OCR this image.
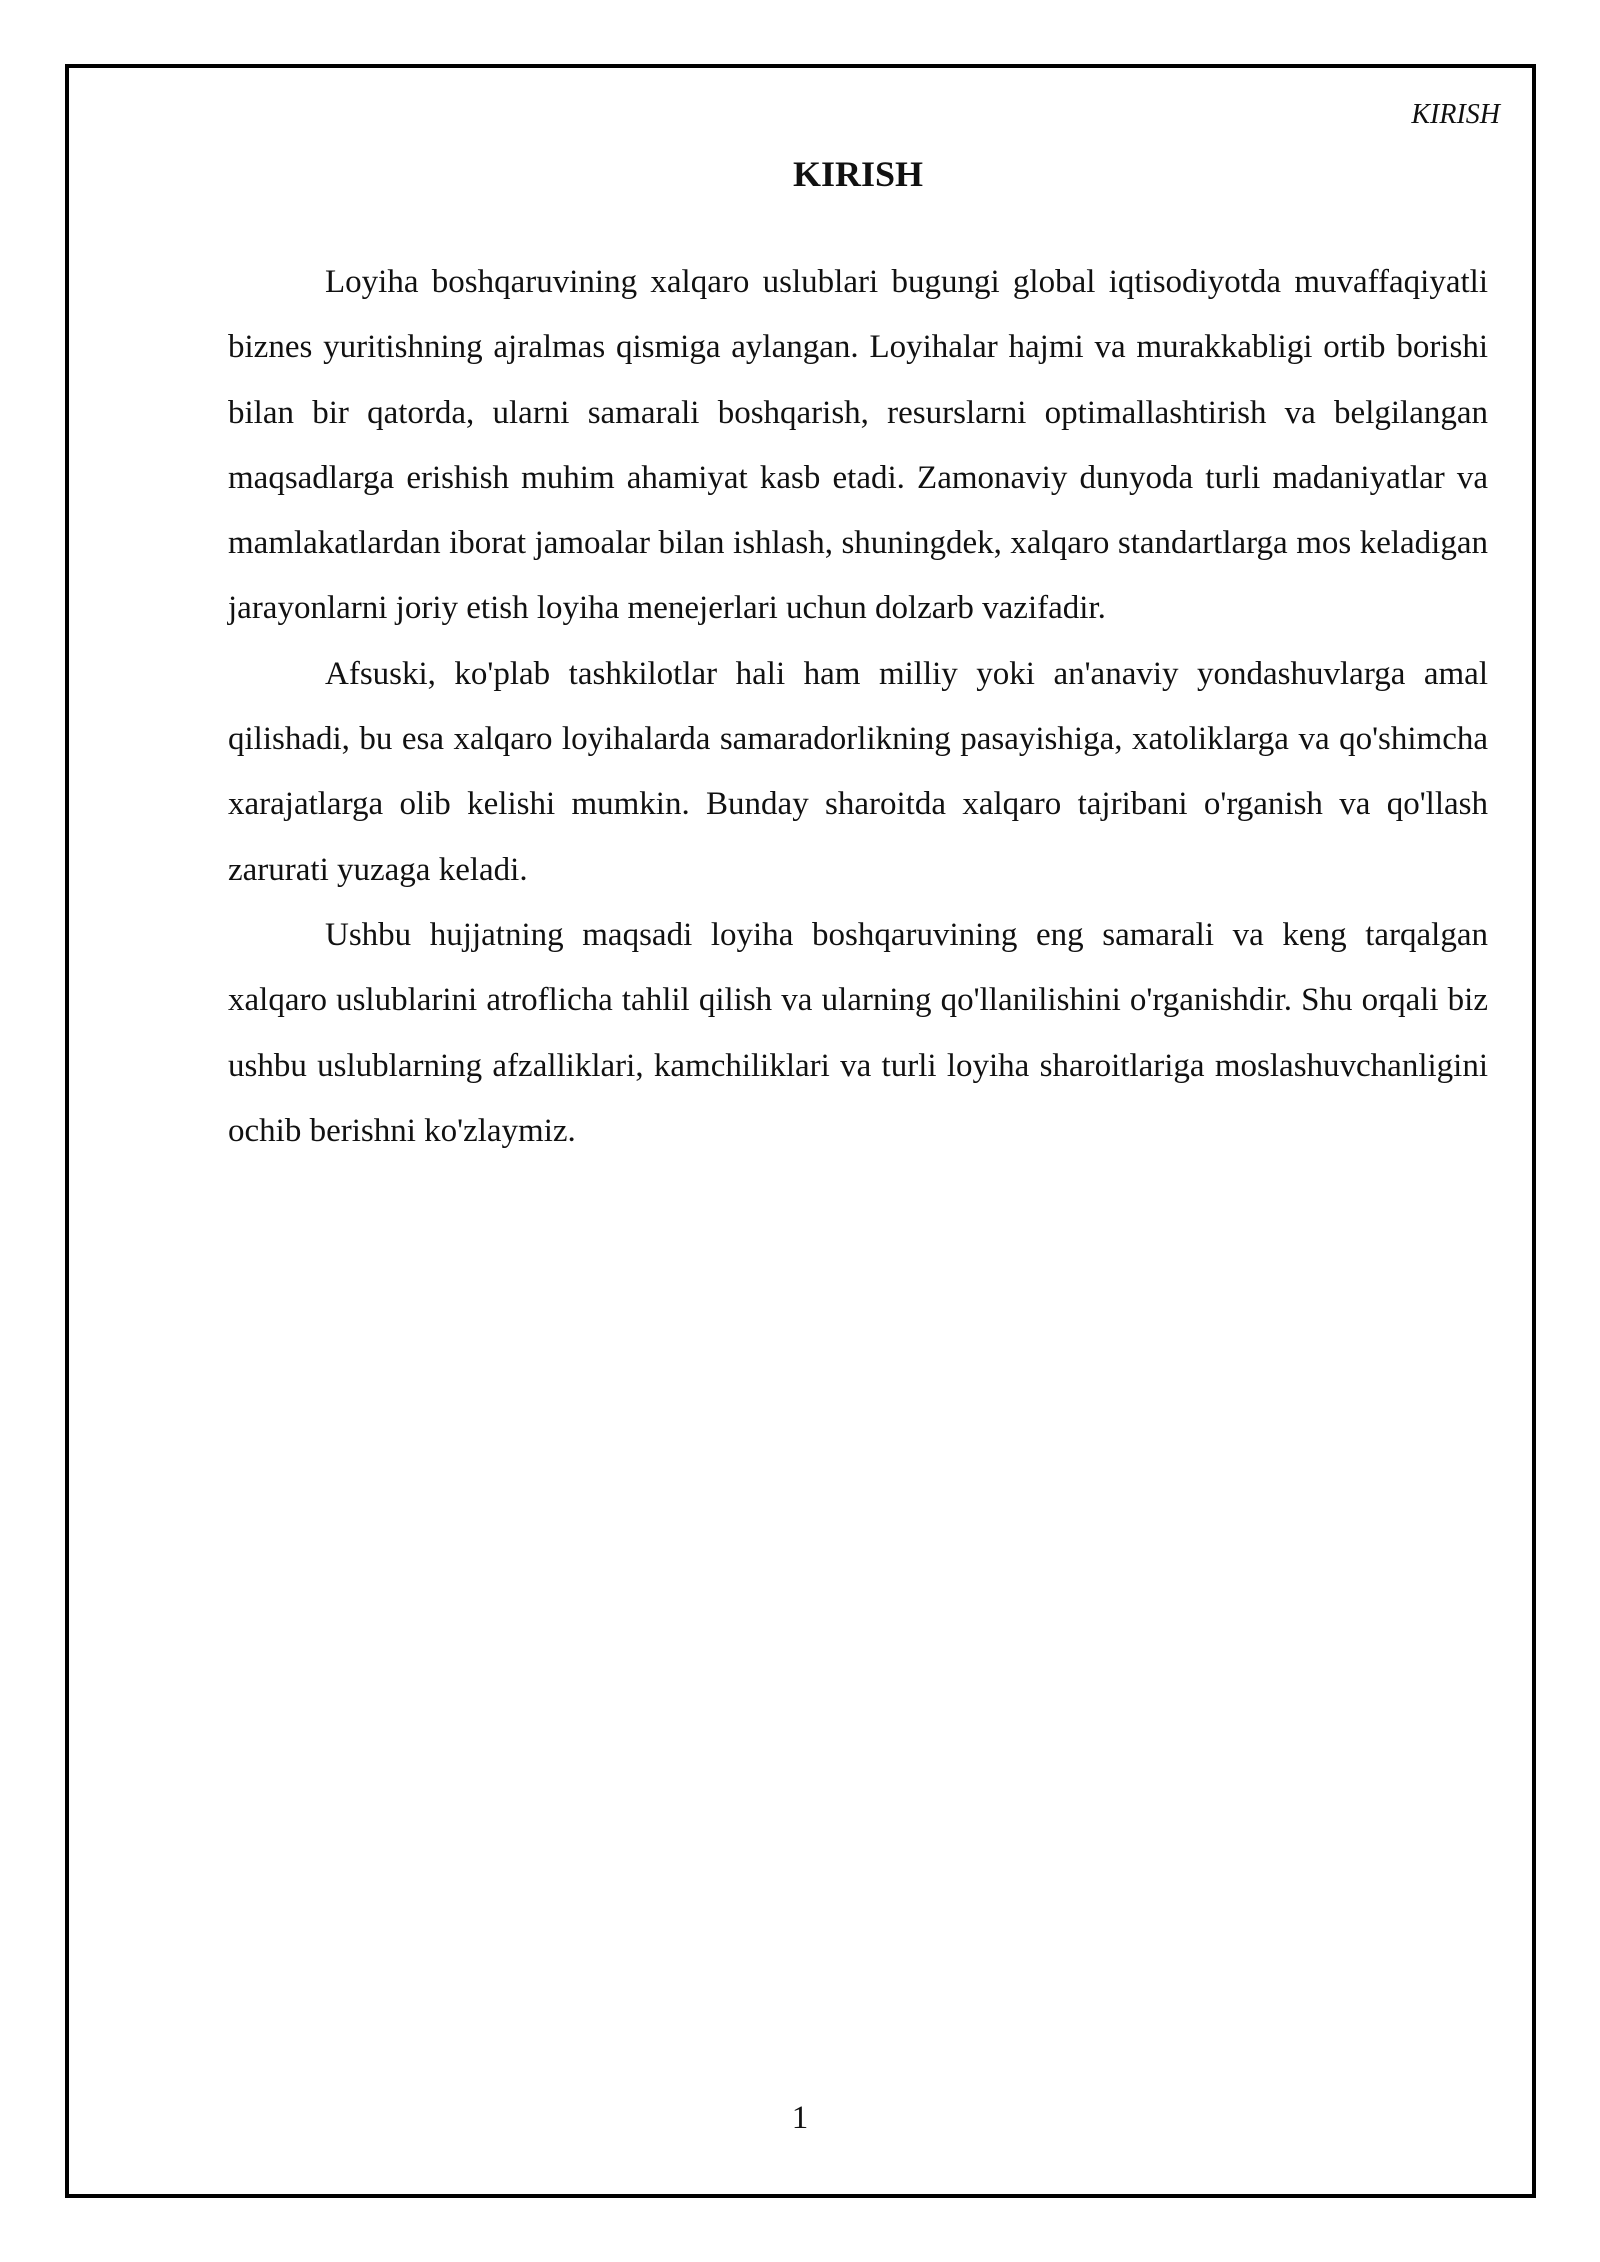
KIRISH
KIRISH

Loyiha boshqaruvining xalqaro uslublari bugungi global iqtisodiyotda muvaffaqiyatli biznes yuritishning ajralmas qismiga aylangan. Loyihalar hajmi va murakkabligi ortib borishi bilan bir qatorda, ularni samarali boshqarish, resurslarni optimallashtirish va belgilangan maqsadlarga erishish muhim ahamiyat kasb etadi. Zamonaviy dunyoda turli madaniyatlar va mamlakatlardan iborat jamoalar bilan ishlash, shuningdek, xalqaro standartlarga mos keladigan jarayonlarni joriy etish loyiha menejerlari uchun dolzarb vazifadir.

Afsuski, ko'plab tashkilotlar hali ham milliy yoki an'anaviy yondashuvlarga amal qilishadi, bu esa xalqaro loyihalarda samaradorlikning pasayishiga, xatoliklarga va qo'shimcha xarajatlarga olib kelishi mumkin. Bunday sharoitda xalqaro tajribani o'rganish va qo'llash zarurati yuzaga keladi.

Ushbu hujjatning maqsadi loyiha boshqaruvining eng samarali va keng tarqalgan xalqaro uslublarini atroflicha tahlil qilish va ularning qo'llanilishini o'rganishdir. Shu orqali biz ushbu uslublarning afzalliklari, kamchiliklari va turli loyiha sharoitlariga moslashuvchanligini ochib berishni ko'zlaymiz.

1
